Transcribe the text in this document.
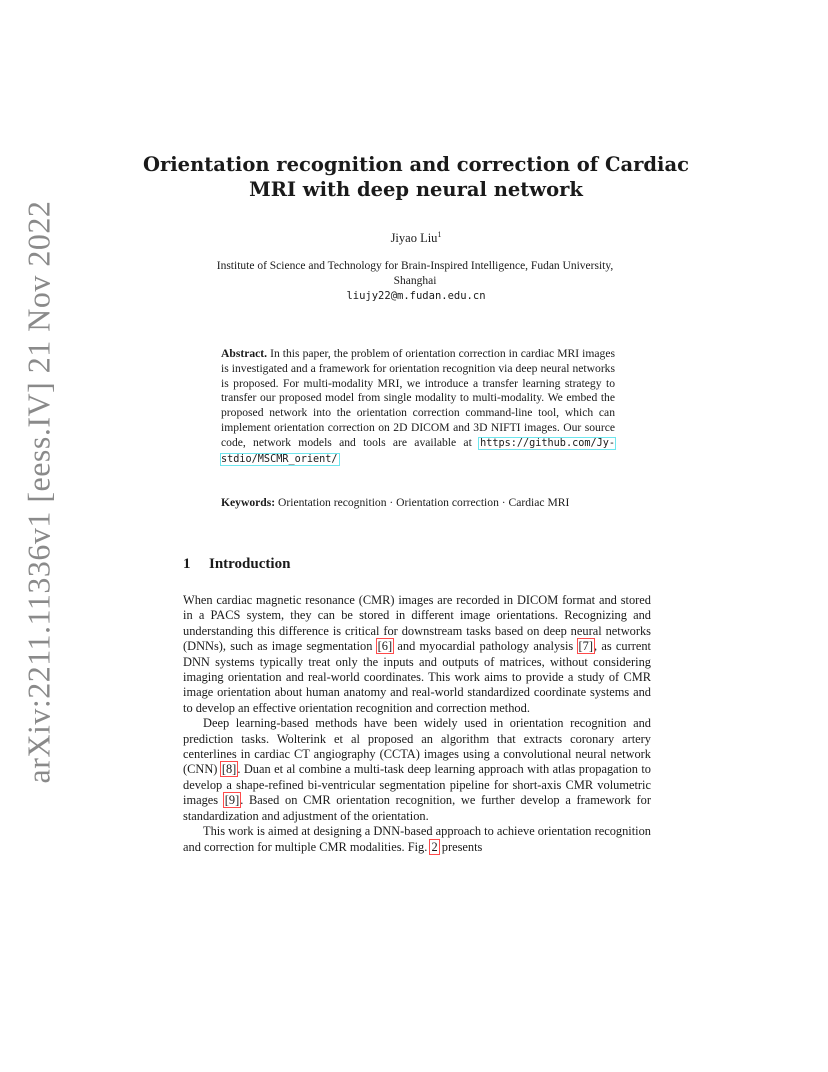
arXiv:2211.11336v1 [eess.IV] 21 Nov 2022
Orientation recognition and correction of Cardiac
MRI with deep neural network
Jiyao Liu$^1$
Institute of Science and Technology for Brain-Inspired Intelligence, Fudan University,
Shanghai
liujy22@m.fudan.edu.cn
Abstract. In this paper, the problem of orientation correction in cardiac MRI images is investigated and a framework for orientation recognition via deep neural networks is proposed. For multi-modality MRI, we introduce a transfer learning strategy to transfer our proposed model from single modality to multi-modality. We embed the proposed network into the orientation correction command-line tool, which can implement orientation correction on 2D DICOM and 3D NIFTI images. Our source code, network models and tools are available at https://github.com/Jy-stdio/MSCMR_orient/
Keywords: Orientation recognition · Orientation correction · Cardiac MRI
1 Introduction

When cardiac magnetic resonance (CMR) images are recorded in DICOM format and stored in a PACS system, they can be stored in different image orientations. Recognizing and understanding this difference is critical for downstream tasks based on deep neural networks (DNNs), such as image segmentation [6] and myocardial pathology analysis [7], as current DNN systems typically treat only the inputs and outputs of matrices, without considering imaging orientation and real-world coordinates. This work aims to provide a study of CMR image orientation about human anatomy and real-world standardized coordinate systems and to develop an effective orientation recognition and correction method.

Deep learning-based methods have been widely used in orientation recognition and prediction tasks. Wolterink et al proposed an algorithm that extracts coronary artery centerlines in cardiac CT angiography (CCTA) images using a convolutional neural network (CNN) [8]. Duan et al combine a multi-task deep learning approach with atlas propagation to develop a shape-refined bi-ventricular segmentation pipeline for short-axis CMR volumetric images [9]. Based on CMR orientation recognition, we further develop a framework for standardization and adjustment of the orientation.

This work is aimed at designing a DNN-based approach to achieve orientation recognition and correction for multiple CMR modalities. Fig. 2 presents
